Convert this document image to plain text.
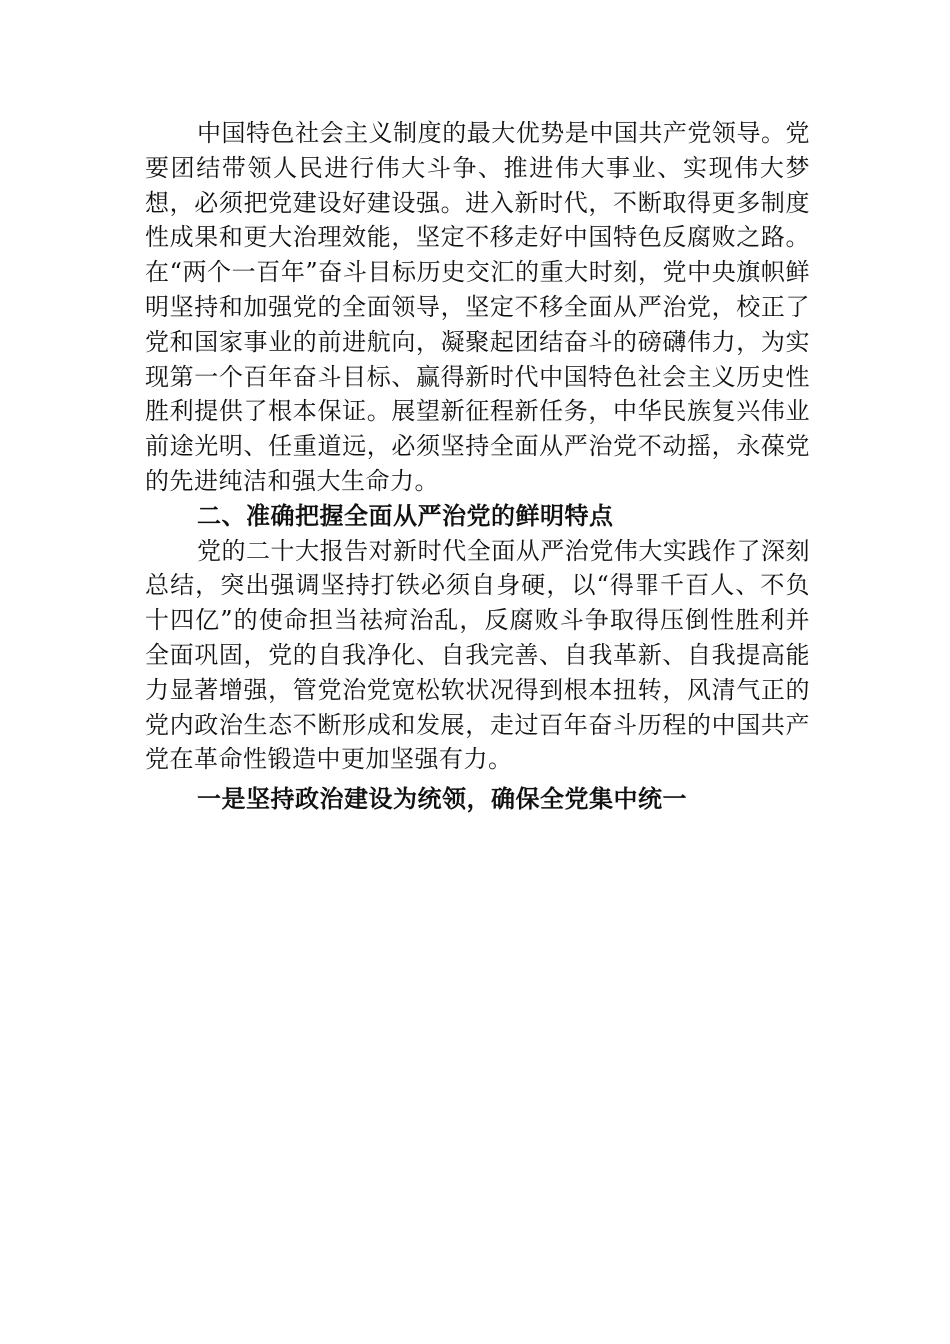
中国特色社会主义制度的最大优势是中国共产党领导。党要团结带领人民进行伟大斗争、推进伟大事业、实现伟大梦想，必须把党建设好建设强。进入新时代，不断取得更多制度性成果和更大治理效能，坚定不移走好中国特色反腐败之路。在“两个一百年”奋斗目标历史交汇的重大时刻，党中央旗帜鲜明坚持和加强党的全面领导，坚定不移全面从严治党，校正了党和国家事业的前进航向，凝聚起团结奋斗的磅礴伟力，为实现第一个百年奋斗目标、赢得新时代中国特色社会主义历史性胜利提供了根本保证。展望新征程新任务，中华民族复兴伟业前途光明、任重道远，必须坚持全面从严治党不动摇，永葆党的先进纯洁和强大生命力。

二、准确把握全面从严治党的鲜明特点

党的二十大报告对新时代全面从严治党伟大实践作了深刻总结，突出强调坚持打铁必须自身硬，以“得罪千百人、不负十四亿”的使命担当祛疴治乱，反腐败斗争取得压倒性胜利并全面巩固，党的自我净化、自我完善、自我革新、自我提高能力显著增强，管党治党宽松软状况得到根本扭转，风清气正的党内政治生态不断形成和发展，走过百年奋斗历程的中国共产党在革命性锻造中更加坚强有力。

一是坚持政治建设为统领，确保全党集中统一
